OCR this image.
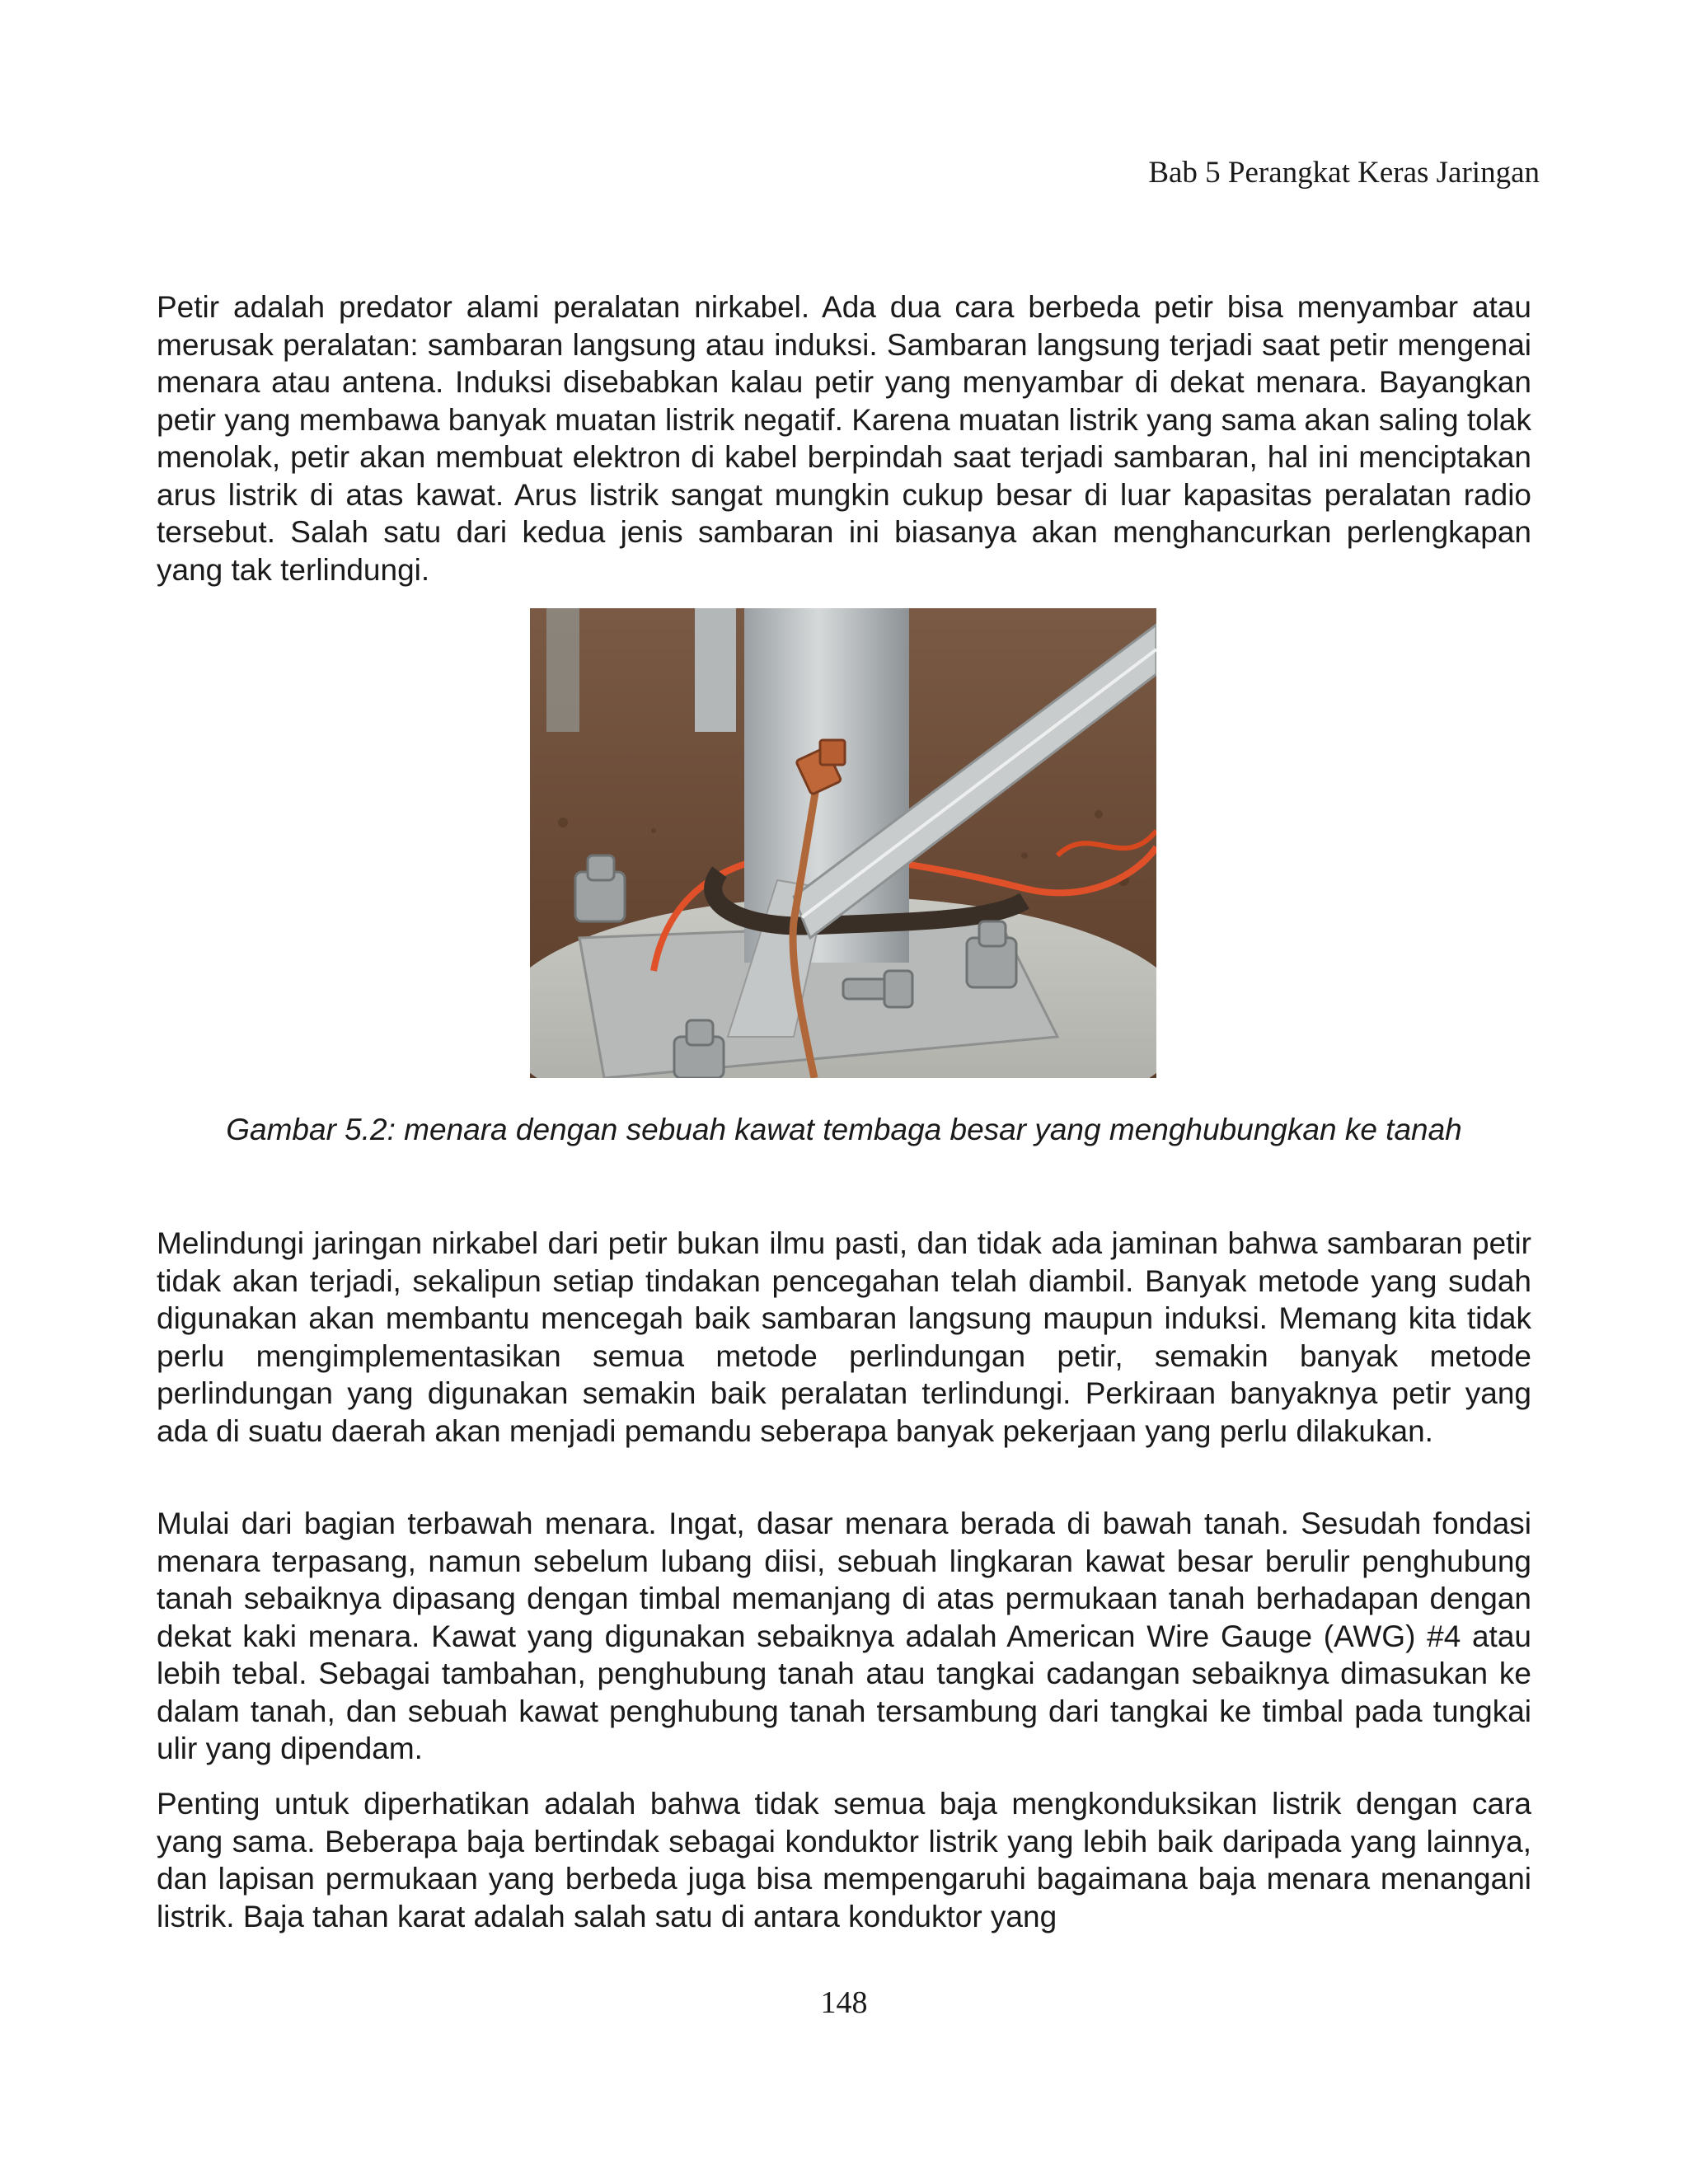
Bab 5 Perangkat Keras Jaringan

Petir adalah predator alami peralatan nirkabel. Ada dua cara berbeda petir bisa menyambar atau merusak peralatan: sambaran langsung atau induksi. Sambaran langsung terjadi saat petir mengenai menara atau antena. Induksi disebabkan kalau petir yang menyambar di dekat menara. Bayangkan petir yang membawa banyak muatan listrik negatif. Karena muatan listrik yang sama akan saling tolak menolak, petir akan membuat elektron di kabel berpindah saat terjadi sambaran, hal ini menciptakan arus listrik di atas kawat. Arus listrik sangat mungkin cukup besar di luar kapasitas peralatan radio tersebut. Salah satu dari kedua jenis sambaran ini biasanya akan menghancurkan perlengkapan yang tak terlindungi.

Gambar 5.2: menara dengan sebuah kawat tembaga besar yang menghubungkan ke tanah

Melindungi jaringan nirkabel dari petir bukan ilmu pasti, dan tidak ada jaminan bahwa sambaran petir tidak akan terjadi, sekalipun setiap tindakan pencegahan telah diambil. Banyak metode yang sudah digunakan akan membantu mencegah baik sambaran langsung maupun induksi. Memang kita tidak perlu mengimplementasikan semua metode perlindungan petir, semakin banyak metode perlindungan yang digunakan semakin baik peralatan terlindungi. Perkiraan banyaknya petir yang ada di suatu daerah akan menjadi pemandu seberapa banyak pekerjaan yang perlu dilakukan.

Mulai dari bagian terbawah menara. Ingat, dasar menara berada di bawah tanah. Sesudah fondasi menara terpasang, namun sebelum lubang diisi, sebuah lingkaran kawat besar berulir penghubung tanah sebaiknya dipasang dengan timbal memanjang di atas permukaan tanah berhadapan dengan dekat kaki menara. Kawat yang digunakan sebaiknya adalah American Wire Gauge (AWG) #4 atau lebih tebal. Sebagai tambahan, penghubung tanah atau tangkai cadangan sebaiknya dimasukan ke dalam tanah, dan sebuah kawat penghubung tanah tersambung dari tangkai ke timbal pada tungkai ulir yang dipendam.

Penting untuk diperhatikan adalah bahwa tidak semua baja mengkonduksikan listrik dengan cara yang sama. Beberapa baja bertindak sebagai konduktor listrik yang lebih baik daripada yang lainnya, dan lapisan permukaan yang berbeda juga bisa mempengaruhi bagaimana baja menara menangani listrik. Baja tahan karat adalah salah satu di antara konduktor yang

148
